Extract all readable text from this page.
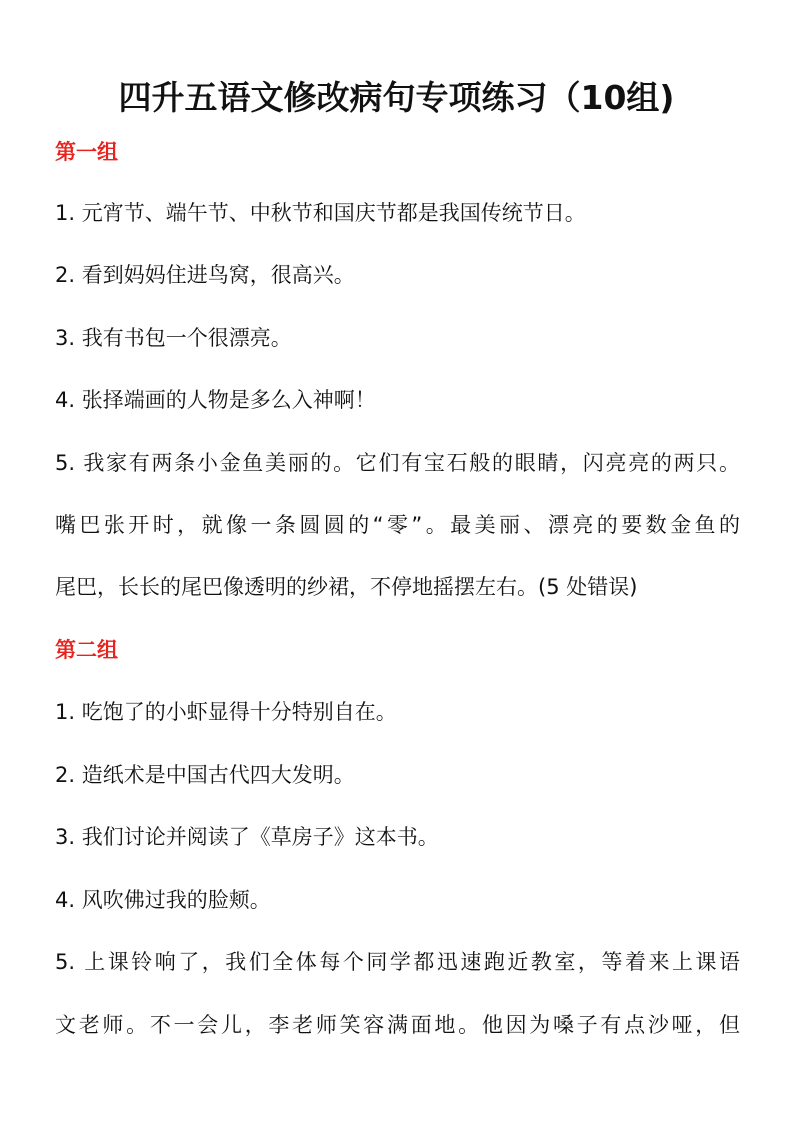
四升五语文修改病句专项练习（10组)
第一组
1. 元宵节、端午节、中秋节和国庆节都是我国传统节日。
2. 看到妈妈住进鸟窝，很高兴。
3. 我有书包一个很漂亮。
4. 张择端画的人物是多么入神啊！
5. 我家有两条小金鱼美丽的。它们有宝石般的眼睛，闪亮亮的两只。
嘴巴张开时，就像一条圆圆的“零”。最美丽、漂亮的要数金鱼的
尾巴，长长的尾巴像透明的纱裙，不停地摇摆左右。(5 处错误)
第二组
1. 吃饱了的小虾显得十分特别自在。
2. 造纸术是中国古代四大发明。
3. 我们讨论并阅读了《草房子》这本书。
4. 风吹佛过我的脸颊。
5. 上课铃响了，我们全体每个同学都迅速跑近教室，等着来上课语
文老师。不一会儿，李老师笑容满面地。他因为嗓子有点沙哑，但
